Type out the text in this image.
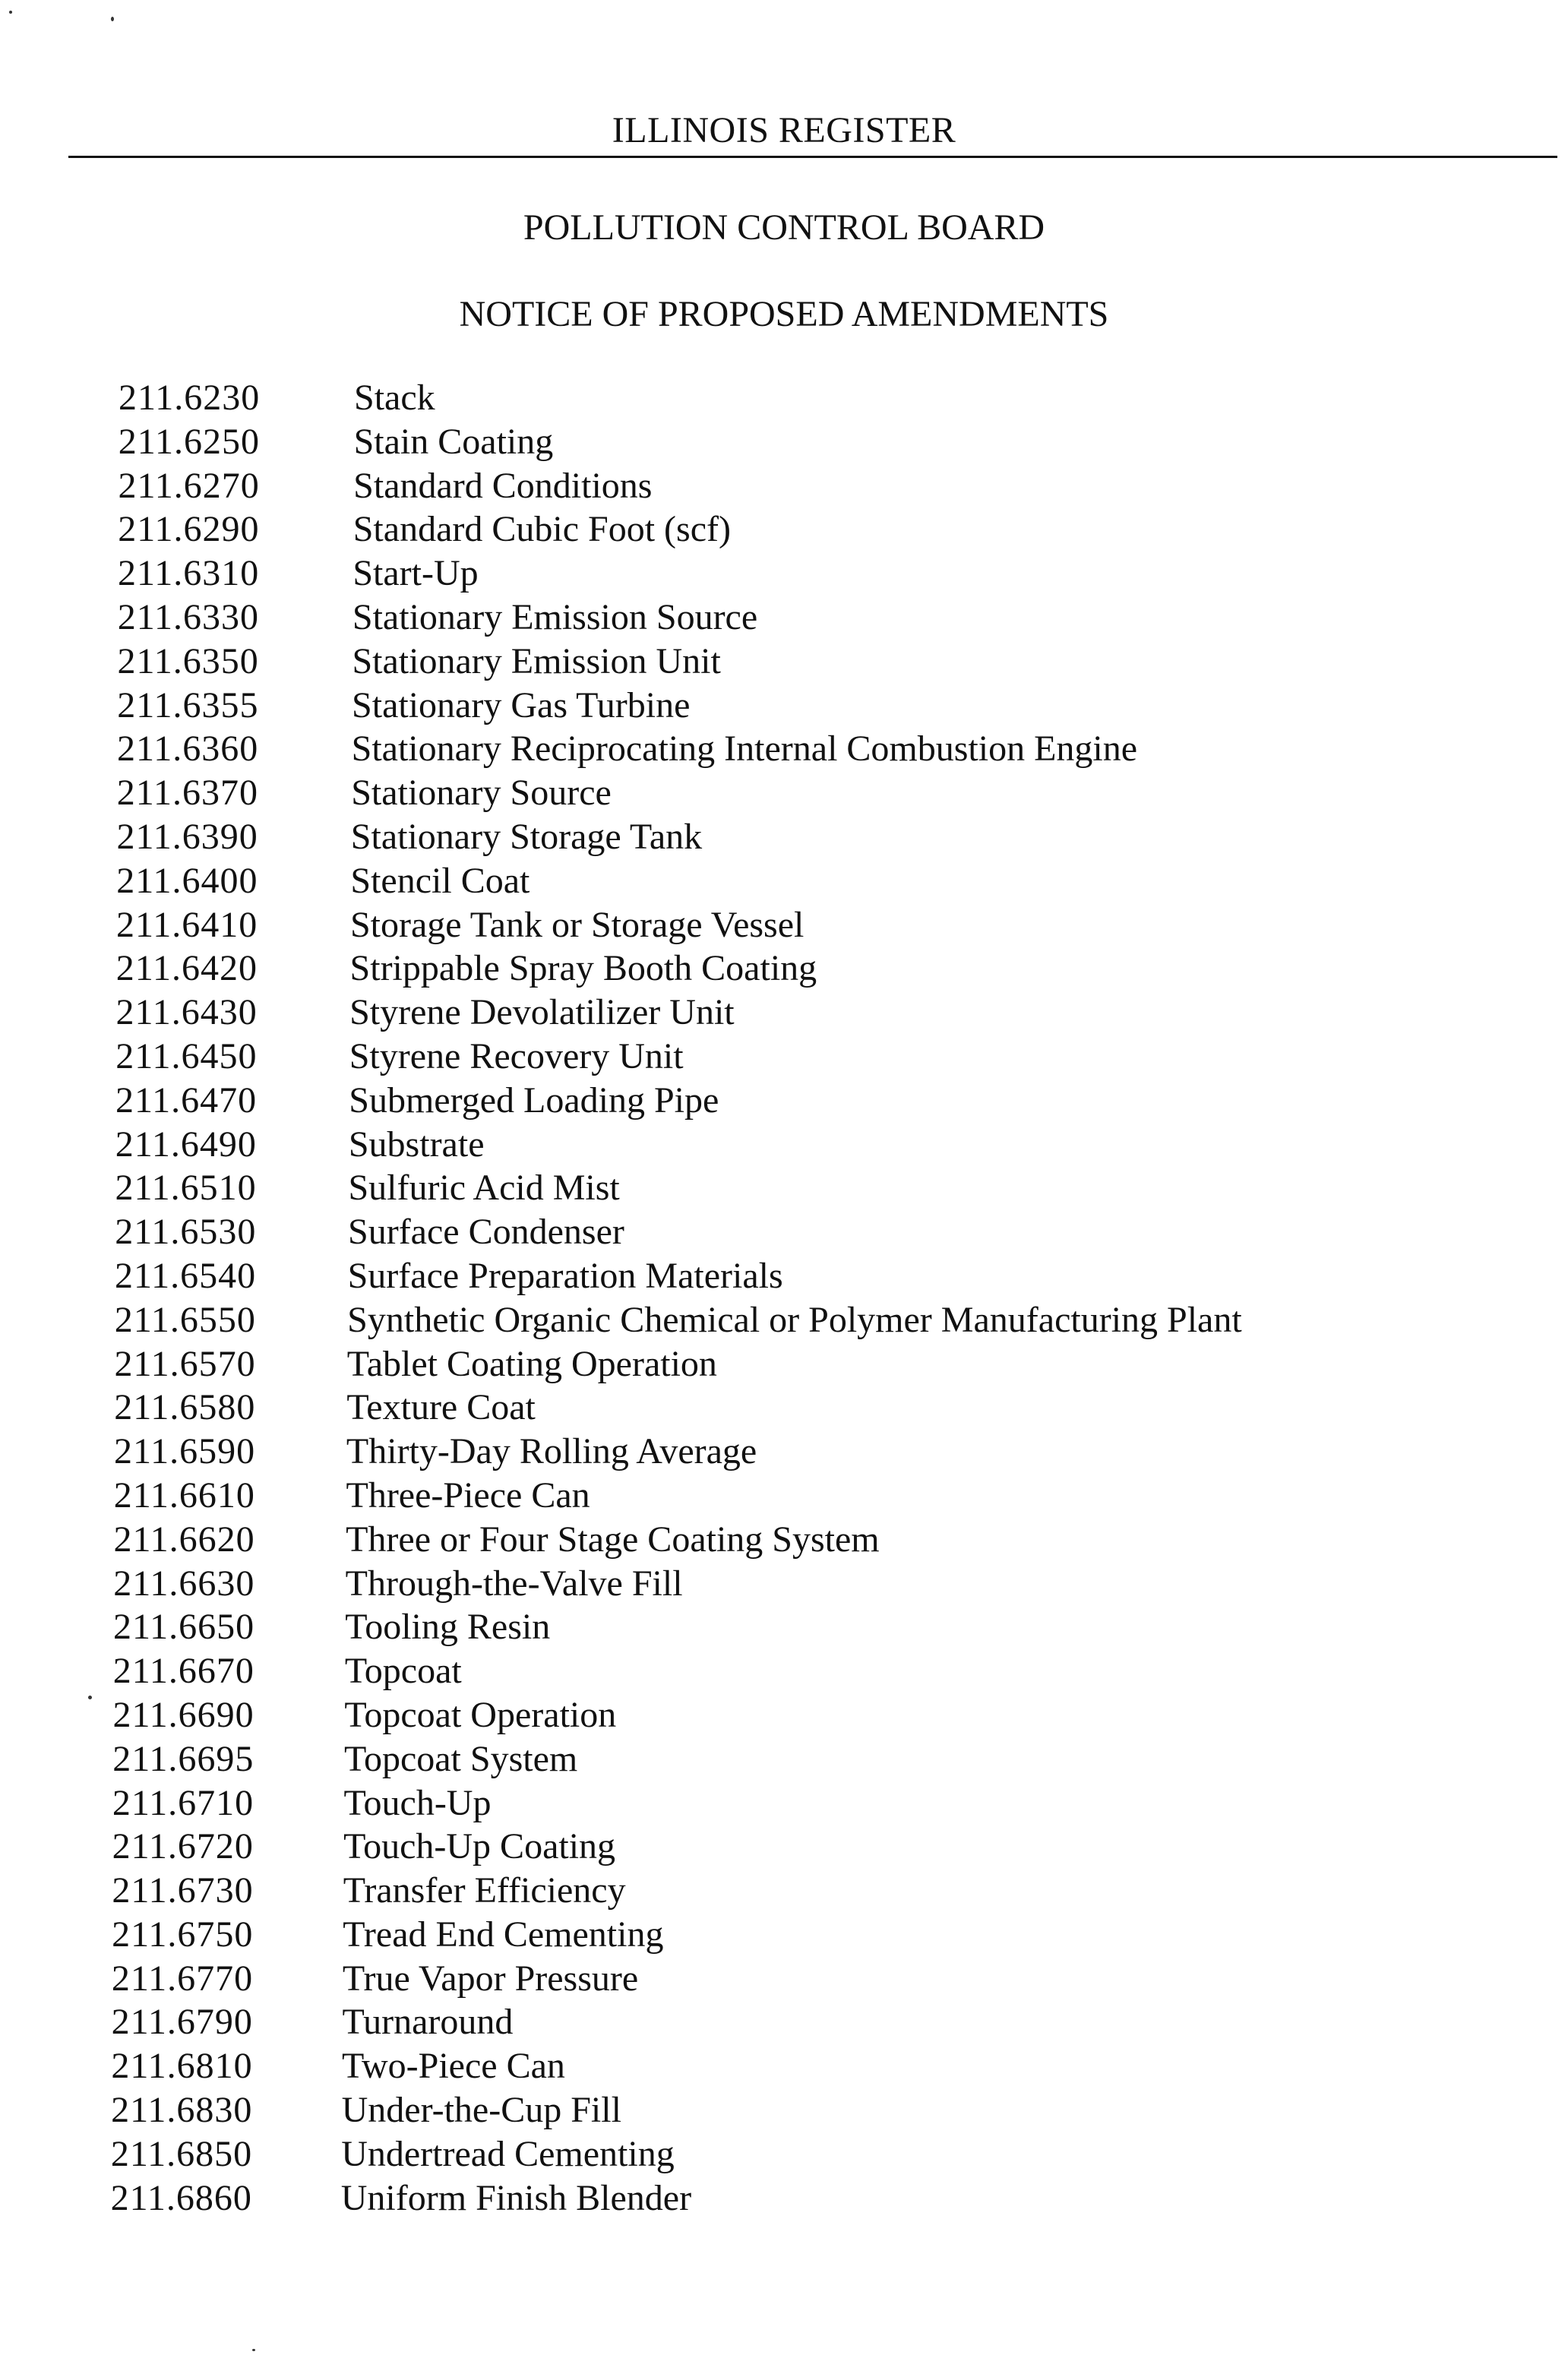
ILLINOIS REGISTER
POLLUTION CONTROL BOARD
NOTICE OF PROPOSED AMENDMENTS
211.6230	Stack
211.6250	Stain Coating
211.6270	Standard Conditions
211.6290	Standard Cubic Foot (scf)
211.6310	Start-Up
211.6330	Stationary Emission Source
211.6350	Stationary Emission Unit
211.6355	Stationary Gas Turbine
211.6360	Stationary Reciprocating Internal Combustion Engine
211.6370	Stationary Source
211.6390	Stationary Storage Tank
211.6400	Stencil Coat
211.6410	Storage Tank or Storage Vessel
211.6420	Strippable Spray Booth Coating
211.6430	Styrene Devolatilizer Unit
211.6450	Styrene Recovery Unit
211.6470	Submerged Loading Pipe
211.6490	Substrate
211.6510	Sulfuric Acid Mist
211.6530	Surface Condenser
211.6540	Surface Preparation Materials
211.6550	Synthetic Organic Chemical or Polymer Manufacturing Plant
211.6570	Tablet Coating Operation
211.6580 Texture Coat
211.6590 Thirty-Day Rolling Average
211.6610 Three-Piece Can
211.6620 Three or Four Stage Coating System
211.6630 Through-the-Valve Fill
211.6650 Tooling Resin
211.6670 Topcoat
211.6690 Topcoat Operation
211.6695 Topcoat System
211.6710 Touch-Up
211.6720 Touch-Up Coating
211.6730 Transfer Efficiency
211.6750 Tread End Cementing
211.6770 True Vapor Pressure
211.6790 Turnaround
211.6810 Two-Piece Can
211.6830 Under-the-Cup Fill
211.6850 Undertread Cementing
211.6860 Uniform Finish Blender
